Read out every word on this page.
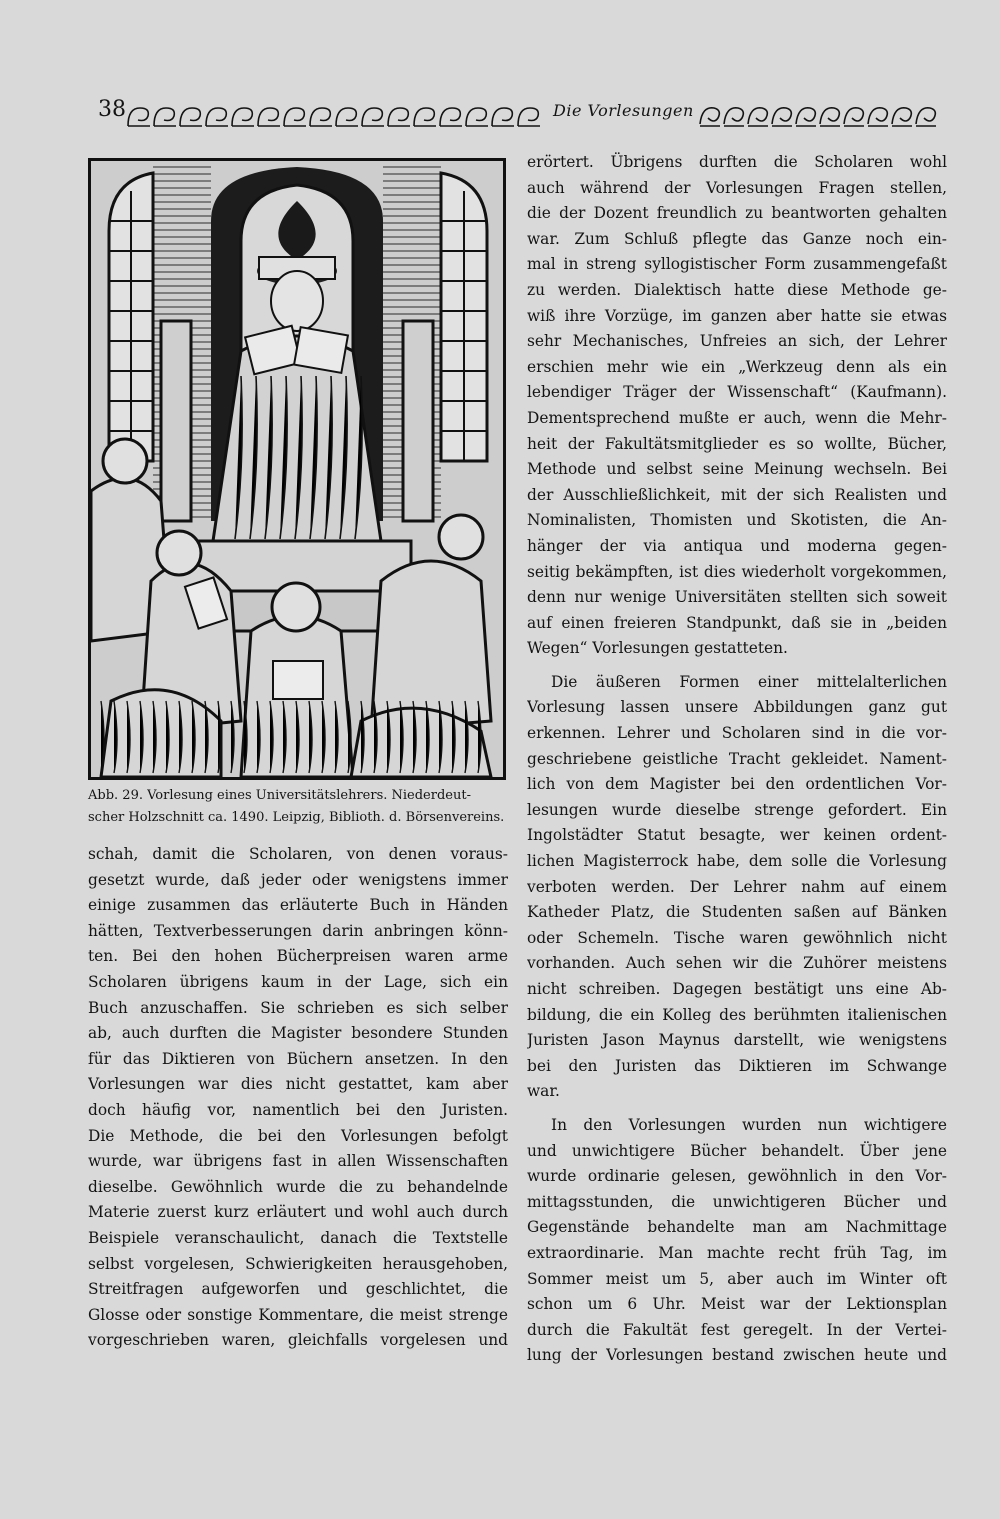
38	Die Vorlesungen
Abb. 29. Vorlesung eines Universitätslehrers. Niederdeut-
scher Holzschnitt ca. 1490. Leipzig, Biblioth. d. Börsenvereins.
erörtert. Übrigens durften die Scholaren wohl
auch während der Vorlesungen Fragen stellen,
die der Dozent freundlich zu beantworten gehalten
war. Zum Schluß pflegte das Ganze noch ein-
mal in streng syllogistischer Form zusammengefaßt
zu werden. Dialektisch hatte diese Methode ge-
wiß ihre Vorzüge, im ganzen aber hatte sie etwas
sehr Mechanisches, Unfreies an sich, der Lehrer
erschien mehr wie ein „Werkzeug denn als ein
lebendiger Träger der Wissenschaft“ (Kaufmann).
Dementsprechend mußte er auch, wenn die Mehr-
heit der Fakultätsmitglieder es so wollte, Bücher,
Methode und selbst seine Meinung wechseln. Bei
der Ausschließlichkeit, mit der sich Realisten und
Nominalisten, Thomisten und Skotisten, die An-
hänger der via antiqua und moderna gegen-
seitig bekämpften, ist dies wiederholt vorgekommen,
denn nur wenige Universitäten stellten sich soweit
auf einen freieren Standpunkt, daß sie in „beiden
Wegen“ Vorlesungen gestatteten.
Die äußeren Formen einer mittelalterlichen
Vorlesung lassen unsere Abbildungen ganz gut
erkennen. Lehrer und Scholaren sind in die vor-
geschriebene geistliche Tracht gekleidet. Nament-
lich von dem Magister bei den ordentlichen Vor-
lesungen wurde dieselbe strenge gefordert. Ein
Ingolstädter Statut besagte, wer keinen ordent-
lichen Magisterrock habe, dem solle die Vorlesung
verboten werden. Der Lehrer nahm auf einem
Katheder Platz, die Studenten saßen auf Bänken
oder Schemeln. Tische waren gewöhnlich nicht
vorhanden. Auch sehen wir die Zuhörer meistens
nicht schreiben. Dagegen bestätigt uns eine Ab-
bildung, die ein Kolleg des berühmten italienischen
Juristen Jason Maynus darstellt, wie wenigstens
bei den Juristen das Diktieren im Schwange
war.
In den Vorlesungen wurden nun wichtigere
und unwichtigere Bücher behandelt. Über jene
wurde ordinarie gelesen, gewöhnlich in den Vor-
mittagsstunden, die unwichtigeren Bücher und
Gegenstände behandelte man am Nachmittage
extraordinarie. Man machte recht früh Tag, im
Sommer meist um 5, aber auch im Winter oft
schon um 6 Uhr. Meist war der Lektionsplan
durch die Fakultät fest geregelt. In der Vertei-
lung der Vorlesungen bestand zwischen heute und
schah, damit die Scholaren, von denen voraus-
gesetzt wurde, daß jeder oder wenigstens immer
einige zusammen das erläuterte Buch in Händen
hätten, Textverbesserungen darin anbringen könn-
ten. Bei den hohen Bücherpreisen waren arme
Scholaren übrigens kaum in der Lage, sich ein
Buch anzuschaffen. Sie schrieben es sich selber
ab, auch durften die Magister besondere Stunden
für das Diktieren von Büchern ansetzen. In den
Vorlesungen war dies nicht gestattet, kam aber
doch häufig vor, namentlich bei den Juristen.
Die Methode, die bei den Vorlesungen befolgt
wurde, war übrigens fast in allen Wissenschaften
dieselbe. Gewöhnlich wurde die zu behandelnde
Materie zuerst kurz erläutert und wohl auch durch
Beispiele veranschaulicht, danach die Textstelle
selbst vorgelesen, Schwierigkeiten herausgehoben,
Streitfragen aufgeworfen und geschlichtet, die
Glosse oder sonstige Kommentare, die meist strenge
vorgeschrieben waren, gleichfalls vorgelesen und
